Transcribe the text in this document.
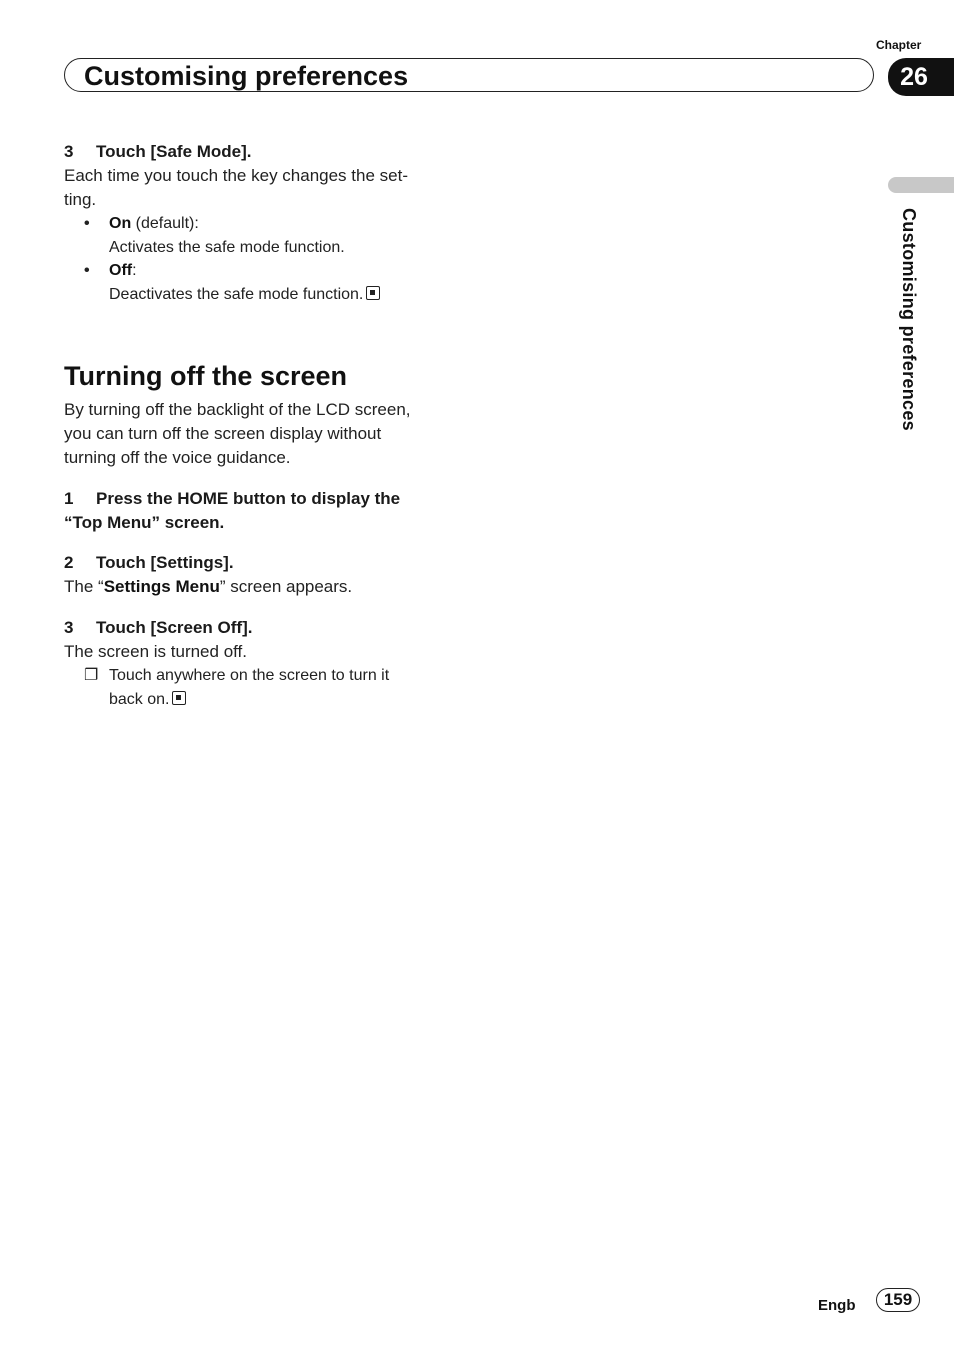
Chapter
Customising preferences	26
Customising preferences

3 Touch [Safe Mode].

Each time you touch the key changes the set-
ting.

• On (default):
Activates the safe mode function.
• Off:
Deactivates the safe mode function.
Turning off the screen

By turning off the backlight of the LCD screen,
you can turn off the screen display without
turning off the voice guidance.

1 Press the HOME button to display the
“Top Menu” screen.

2 Touch [Settings].

The “Settings Menu” screen appears.

3 Touch [Screen Off].

The screen is turned off.

❐ Touch anywhere on the screen to turn it
back on.
Engb	159
